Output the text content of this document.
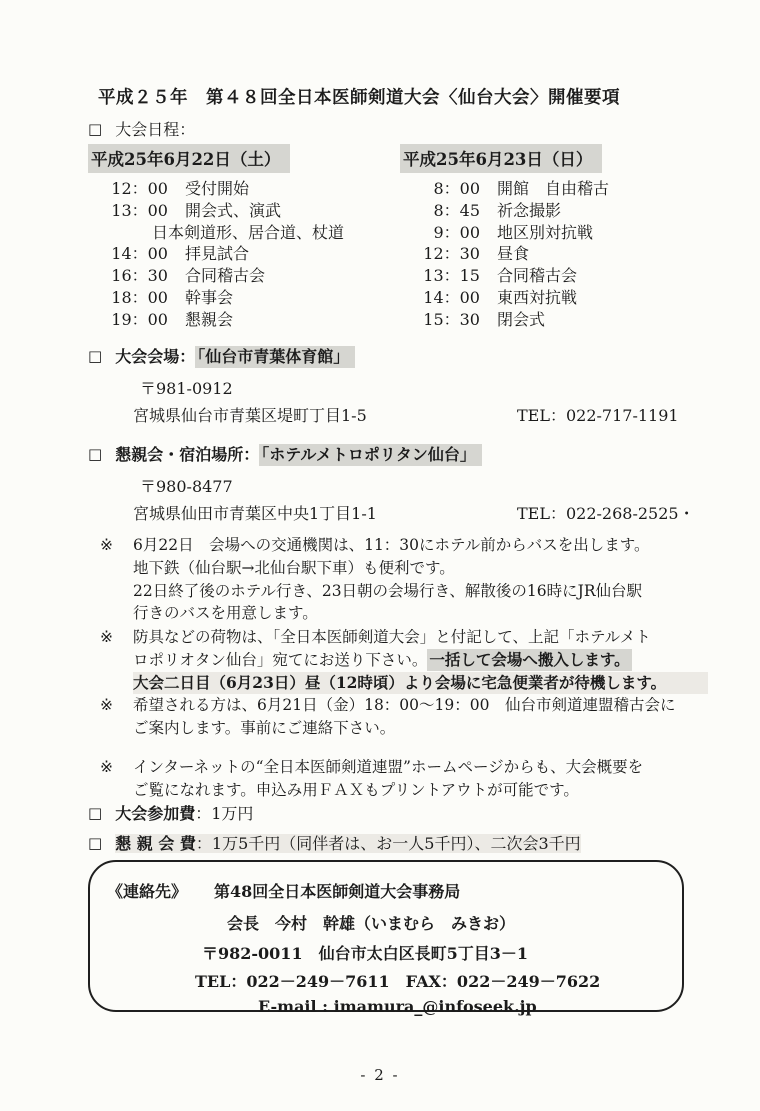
平成２５年　第４８回全日本医師剣道大会〈仙台大会〉開催要項
□ 大会日程：
平成25年6月22日（土）
12：00 受付開始
13：00 開会式、演武
日本剣道形、居合道、杖道
14：00 拝見試合
16：30 合同稽古会
18：00 幹事会
19：00 懇親会
平成25年6月23日（日）
8：00 開館　自由稽古
8：45 祈念撮影
9：00 地区別対抗戦
12：30 昼食
13：15 合同稽古会
14：00 東西対抗戦
15：30 閉会式
□ 大会会場： 「仙台市青葉体育館」
〒981-0912
宮城県仙台市青葉区堤町丁目1-5	TEL：022-717-1191
□ 懇親会・宿泊場所： 「ホテルメトロポリタン仙台」
〒980-8477
宮城県仙田市青葉区中央1丁目1-1	TEL：022-268-2525・
※	6月22日　会場への交通機関は、11：30にホテル前からバスを出します。
地下鉄（仙台駅→北仙台駅下車）も便利です。
22日終了後のホテル行き、23日朝の会場行き、解散後の16時にJR仙台駅
行きのバスを用意します。
※	防具などの荷物は、「全日本医師剣道大会」と付記して、上記「ホテルメト
ロポリオタン仙台」宛てにお送り下さい。 一括して会場へ搬入します。
大会二日目（6月23日）昼（12時頃）より会場に宅急便業者が待機します。
※	希望される方は、6月21日（金）18：00～19：00　仙台市剣道連盟稽古会に
ご案内します。事前にご連絡下さい。
※	インターネットの“全日本医師剣道連盟”ホームページからも、大会概要を
ご覧になれます。申込み用ＦＡＸもプリントアウトが可能です。
□ 大会参加費：1万円
□ 懇 親 会 費：1万5千円（同伴者は、お一人5千円）、二次会3千円
《連絡先》 第48回全日本医師剣道大会事務局
会長　今村　幹雄（いまむら　みきお）
〒982-0011　仙台市太白区長町5丁目3－1
TEL：022－249－7611　FAX：022－249－7622
E-mail : imamura_@infoseek.jp
- 2 -
